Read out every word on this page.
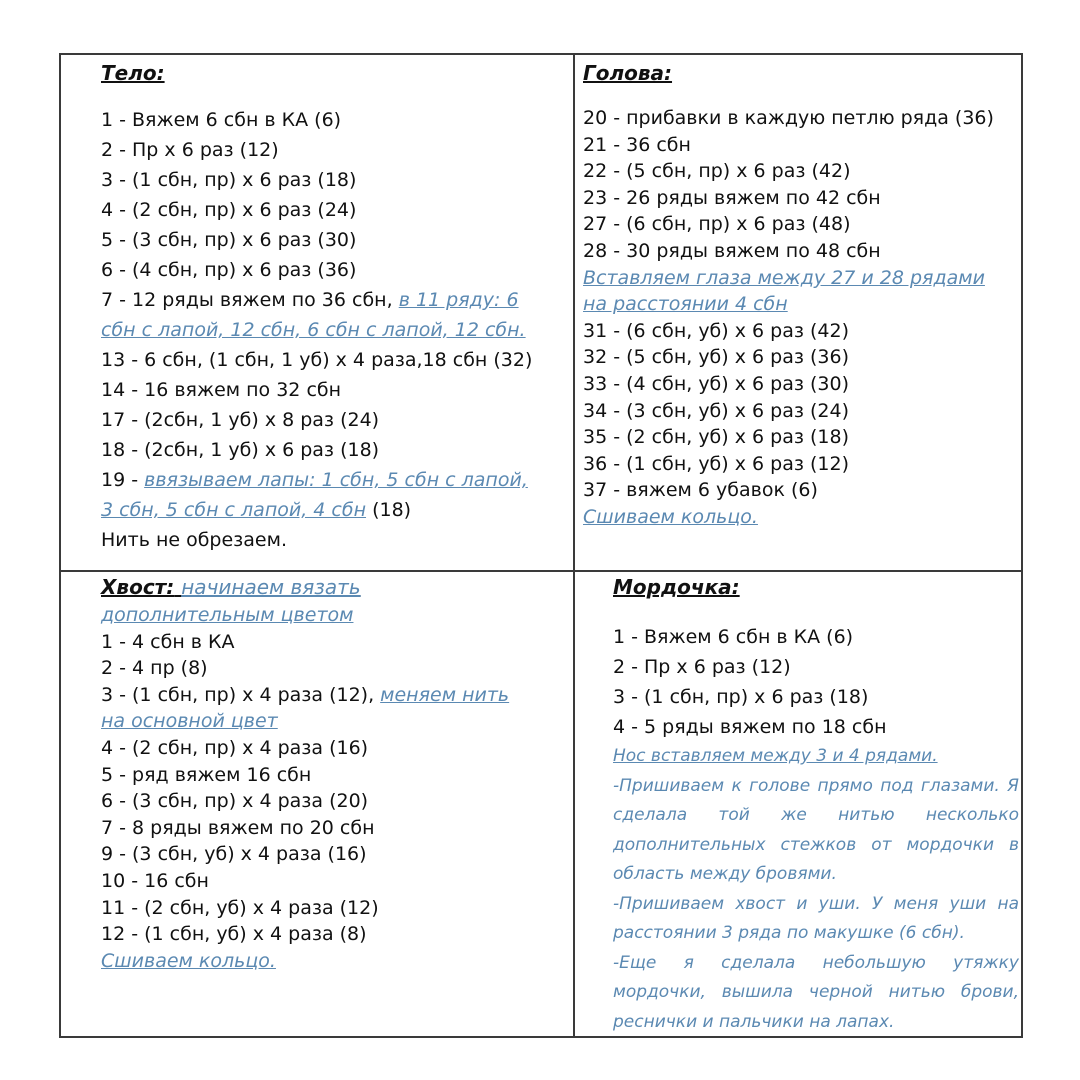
Тело:
1 - Вяжем 6 сбн в КА (6)
2 - Пр x 6 раз (12)
3 - (1 сбн, пр) x 6 раз (18)
4 - (2 сбн, пр) x 6 раз (24)
5 - (3 сбн, пр) x 6 раз (30)
6 - (4 сбн, пр) x 6 раз (36)
7 - 12 ряды вяжем по 36 сбн, в 11 ряду: 6
сбн с лапой, 12 сбн, 6 сбн с лапой, 12 сбн.
13 - 6 сбн, (1 сбн, 1 уб) x 4 раза,18 сбн (32)
14 - 16 вяжем по 32 сбн
17 - (2сбн, 1 уб) x 8 раз (24)
18 - (2сбн, 1 уб) x 6 раз (18)
19 - ввязываем лапы: 1 сбн, 5 сбн с лапой,
3 сбн, 5 сбн с лапой, 4 сбн (18)
Нить не обрезаем.
Голова:
20 - прибавки в каждую петлю ряда (36)
21 - 36 сбн
22 - (5 сбн, пр) x 6 раз (42)
23 - 26 ряды вяжем по 42 сбн
27 - (6 сбн, пр) x 6 раз (48)
28 - 30 ряды вяжем по 48 сбн
Вставляем глаза между 27 и 28 рядами
на расстоянии 4 сбн
31 - (6 сбн, уб) x 6 раз (42)
32 - (5 сбн, уб) x 6 раз (36)
33 - (4 сбн, уб) x 6 раз (30)
34 - (3 сбн, уб) x 6 раз (24)
35 - (2 сбн, уб) x 6 раз (18)
36 - (1 сбн, уб) x 6 раз (12)
37 - вяжем 6 убавок (6)
Сшиваем кольцо.
Хвост: начинаем вязать
дополнительным цветом
1 - 4 сбн в КА
2 - 4 пр (8)
3 - (1 сбн, пр) x 4 раза (12), меняем нить
на основной цвет
4 - (2 сбн, пр) x 4 раза (16)
5 - ряд вяжем 16 сбн
6 - (3 сбн, пр) x 4 раза (20)
7 - 8 ряды вяжем по 20 сбн
9 - (3 сбн, уб) x 4 раза (16)
10 - 16 сбн
11 - (2 сбн, уб) x 4 раза (12)
12 - (1 сбн, уб) x 4 раза (8)
Сшиваем кольцо.
Мордочка:
1 - Вяжем 6 сбн в КА (6)
2 - Пр x 6 раз (12)
3 - (1 сбн, пр) x 6 раз (18)
4 - 5 ряды вяжем по 18 сбн
Нос вставляем между 3 и 4 рядами.
-Пришиваем к голове прямо под глазами. Я сделала той же нитью несколько дополнительных стежков от мордочки в область между бровями.
-Пришиваем хвост и уши. У меня уши на расстоянии 3 ряда по макушке (6 сбн).
-Еще я сделала небольшую утяжку мордочки, вышила черной нитью брови, реснички и пальчики на лапах.
